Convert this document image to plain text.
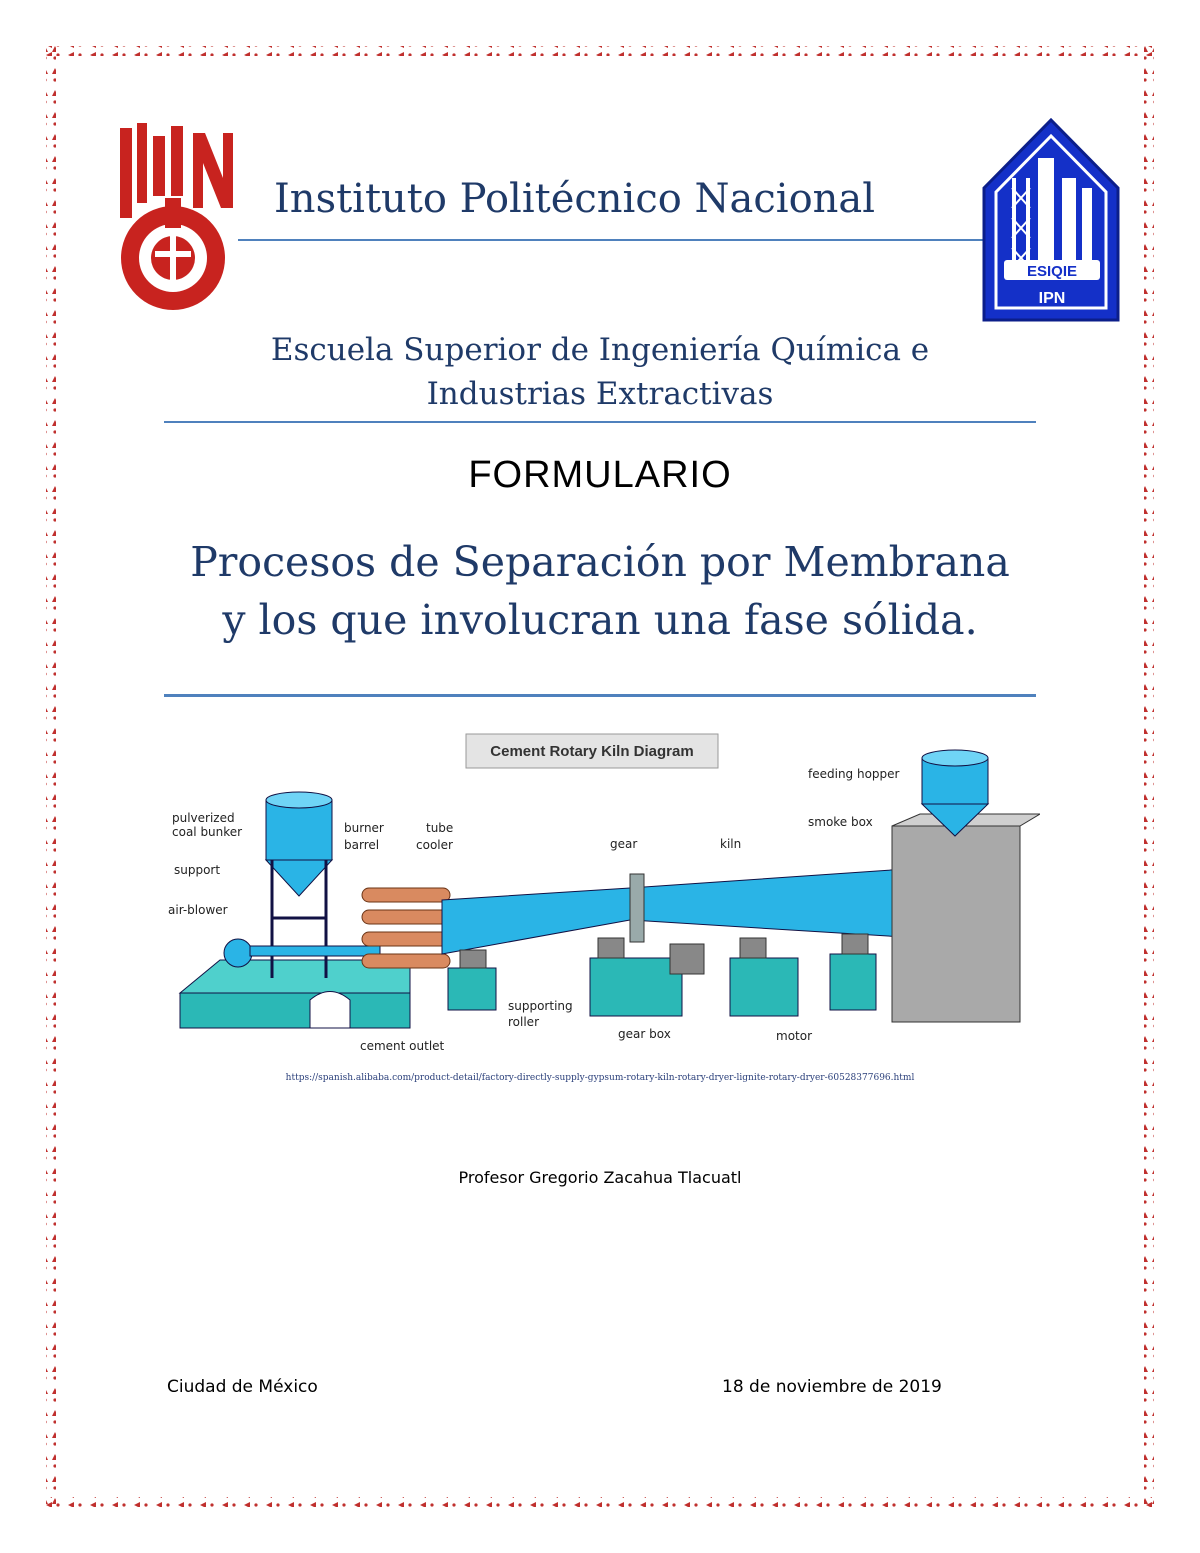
Instituto Politécnico Nacional
ESIQIE
IPN
Escuela Superior de Ingeniería Química e
Industrias Extractivas
FORMULARIO
Procesos de Separación por Membrana
y los que involucran una fase sólida.
Cement Rotary Kiln Diagram
feeding hopper
pulverized
coal bunker	burner
barrel
tube
cooler	gear	kiln
smoke box
support
air-blower
supporting
roller
gear box	motor
cement outlet
https://spanish.alibaba.com/product-detail/factory-directly-supply-gypsum-rotary-kiln-rotary-dryer-lignite-rotary-dryer-60528377696.html
Profesor Gregorio Zacahua Tlacuatl
Ciudad de México	18 de noviembre de 2019
